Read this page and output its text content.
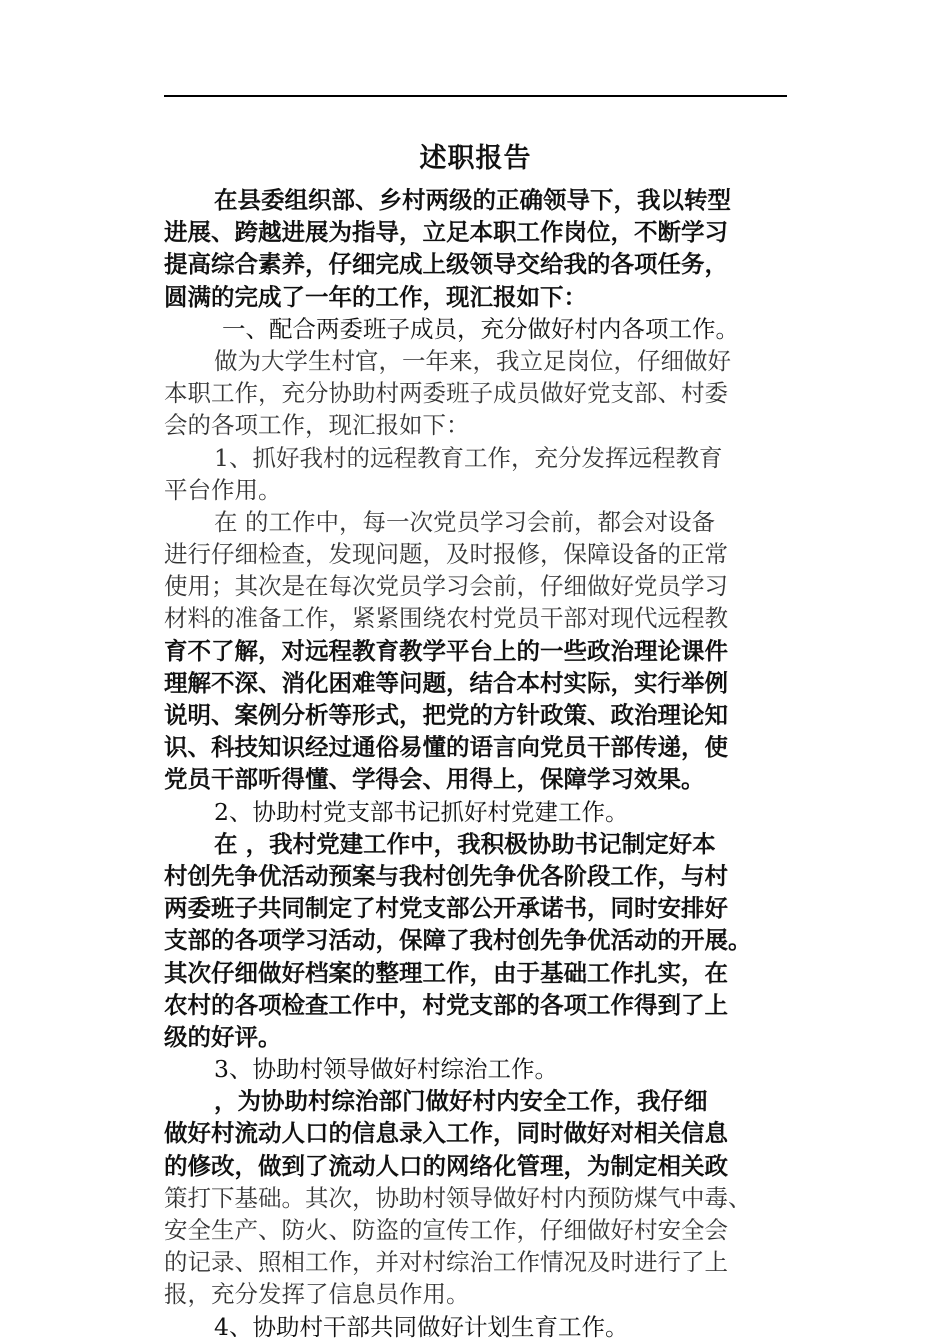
述职报告
在县委组织部、乡村两级的正确领导下，我以转型
进展、跨越进展为指导，立足本职工作岗位，不断学习
提高综合素养，仔细完成上级领导交给我的各项任务，
圆满的完成了一年的工作，现汇报如下：
一、配合两委班子成员，充分做好村内各项工作。
做为大学生村官，一年来，我立足岗位，仔细做好
本职工作，充分协助村两委班子成员做好党支部、村委
会的各项工作，现汇报如下：
1、抓好我村的远程教育工作，充分发挥远程教育
平台作用。
在 的工作中，每一次党员学习会前，都会对设备
进行仔细检查，发现问题，及时报修，保障设备的正常
使用；其次是在每次党员学习会前，仔细做好党员学习
材料的准备工作，紧紧围绕农村党员干部对现代远程教
育不了解，对远程教育教学平台上的一些政治理论课件
理解不深、消化困难等问题，结合本村实际，实行举例
说明、案例分析等形式，把党的方针政策、政治理论知
识、科技知识经过通俗易懂的语言向党员干部传递，使
党员干部听得懂、学得会、用得上，保障学习效果。
2、协助村党支部书记抓好村党建工作。
在 ，我村党建工作中，我积极协助书记制定好本
村创先争优活动预案与我村创先争优各阶段工作，与村
两委班子共同制定了村党支部公开承诺书，同时安排好
支部的各项学习活动，保障了我村创先争优活动的开展。
其次仔细做好档案的整理工作，由于基础工作扎实，在
农村的各项检查工作中，村党支部的各项工作得到了上
级的好评。
3、协助村领导做好村综治工作。
，为协助村综治部门做好村内安全工作，我仔细
做好村流动人口的信息录入工作，同时做好对相关信息
的修改，做到了流动人口的网络化管理，为制定相关政
策打下基础。其次，协助村领导做好村内预防煤气中毒、
安全生产、防火、防盗的宣传工作，仔细做好村安全会
的记录、照相工作，并对村综治工作情况及时进行了上
报，充分发挥了信息员作用。
4、协助村干部共同做好计划生育工作。
